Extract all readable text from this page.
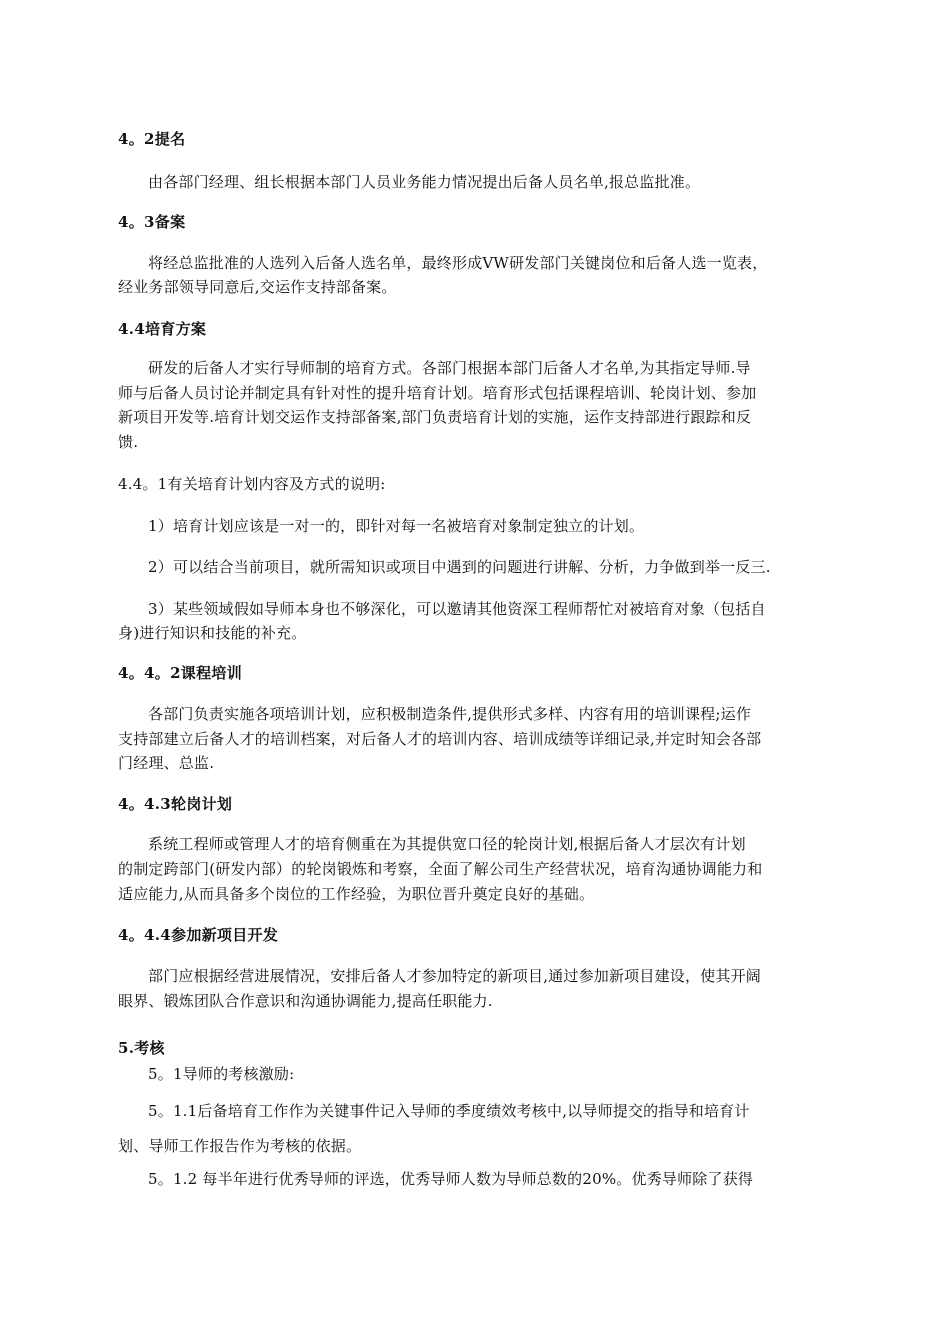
4。2提名
由各部门经理、组长根据本部门人员业务能力情况提出后备人员名单,报总监批准。
4。3备案
将经总监批准的人选列入后备人选名单，最终形成VW研发部门关键岗位和后备人选一览表，
经业务部领导同意后,交运作支持部备案。
4.4培育方案
研发的后备人才实行导师制的培育方式。各部门根据本部门后备人才名单,为其指定导师.导
师与后备人员讨论并制定具有针对性的提升培育计划。培育形式包括课程培训、轮岗计划、参加
新项目开发等.培育计划交运作支持部备案,部门负责培育计划的实施，运作支持部进行跟踪和反
馈.
4.4。1有关培育计划内容及方式的说明:
1）培育计划应该是一对一的，即针对每一名被培育对象制定独立的计划。
2）可以结合当前项目，就所需知识或项目中遇到的问题进行讲解、分析，力争做到举一反三.
3）某些领域假如导师本身也不够深化，可以邀请其他资深工程师帮忙对被培育对象（包括自
身)进行知识和技能的补充。
4。4。2课程培训
各部门负责实施各项培训计划，应积极制造条件,提供形式多样、内容有用的培训课程;运作
支持部建立后备人才的培训档案，对后备人才的培训内容、培训成绩等详细记录,并定时知会各部
门经理、总监.
4。4.3轮岗计划
系统工程师或管理人才的培育侧重在为其提供宽口径的轮岗计划,根据后备人才层次有计划
的制定跨部门(研发内部）的轮岗锻炼和考察，全面了解公司生产经营状况，培育沟通协调能力和
适应能力,从而具备多个岗位的工作经验，为职位晋升奠定良好的基础。
4。4.4参加新项目开发
部门应根据经营进展情况，安排后备人才参加特定的新项目,通过参加新项目建设，使其开阔
眼界、锻炼团队合作意识和沟通协调能力,提高任职能力.
5.考核
5。1导师的考核激励:
5。1.1后备培育工作作为关键事件记入导师的季度绩效考核中,以导师提交的指导和培育计
划、导师工作报告作为考核的依据。
5。1.2 每半年进行优秀导师的评选，优秀导师人数为导师总数的20%。优秀导师除了获得
